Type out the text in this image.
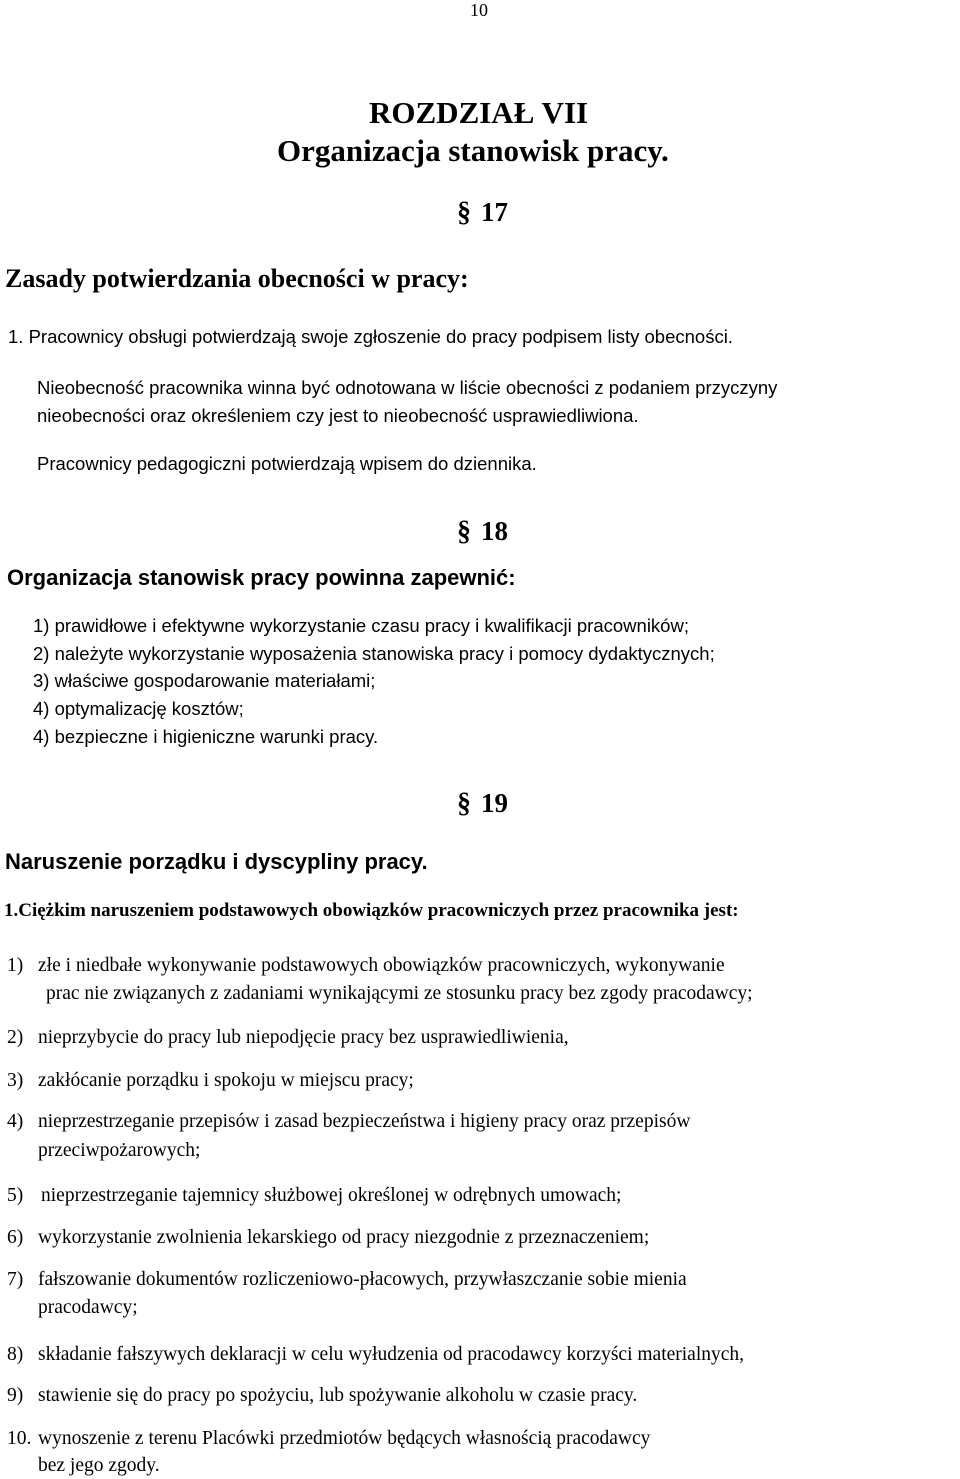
10
ROZDZIAŁ VII
Organizacja stanowisk pracy.
§ 17
Zasady potwierdzania obecności w pracy:
1. Pracownicy obsługi potwierdzają swoje zgłoszenie do pracy podpisem listy obecności.
Nieobecność pracownika winna być odnotowana w liście obecności z podaniem przyczyny
nieobecności oraz określeniem czy jest to nieobecność usprawiedliwiona.
Pracownicy pedagogiczni potwierdzają wpisem do dziennika.
§ 18
Organizacja stanowisk pracy powinna zapewnić:
1) prawidłowe i efektywne wykorzystanie czasu pracy i kwalifikacji pracowników;
2) należyte wykorzystanie wyposażenia stanowiska pracy i pomocy dydaktycznych;
3) właściwe gospodarowanie materiałami;
4) optymalizację kosztów;
4) bezpieczne i higieniczne warunki pracy.
§ 19
Naruszenie porządku i dyscypliny pracy.
1.Ciężkim naruszeniem podstawowych obowiązków pracowniczych przez pracownika jest:
1) złe i niedbałe wykonywanie podstawowych obowiązków pracowniczych, wykonywanie
prac nie związanych z zadaniami wynikającymi ze stosunku pracy bez zgody pracodawcy;
2) nieprzybycie do pracy lub niepodjęcie pracy bez usprawiedliwienia,
3) zakłócanie porządku i spokoju w miejscu pracy;
4) nieprzestrzeganie przepisów i zasad bezpieczeństwa i higieny pracy oraz przepisów
przeciwpożarowych;
5) nieprzestrzeganie tajemnicy służbowej określonej w odrębnych umowach;
6) wykorzystanie zwolnienia lekarskiego od pracy niezgodnie z przeznaczeniem;
7) fałszowanie dokumentów rozliczeniowo-płacowych, przywłaszczanie sobie mienia
pracodawcy;
8) składanie fałszywych deklaracji w celu wyłudzenia od pracodawcy korzyści materialnych,
9) stawienie się do pracy po spożyciu, lub spożywanie alkoholu w czasie pracy.
10. wynoszenie z terenu Placówki przedmiotów będących własnością pracodawcy
bez jego zgody.
